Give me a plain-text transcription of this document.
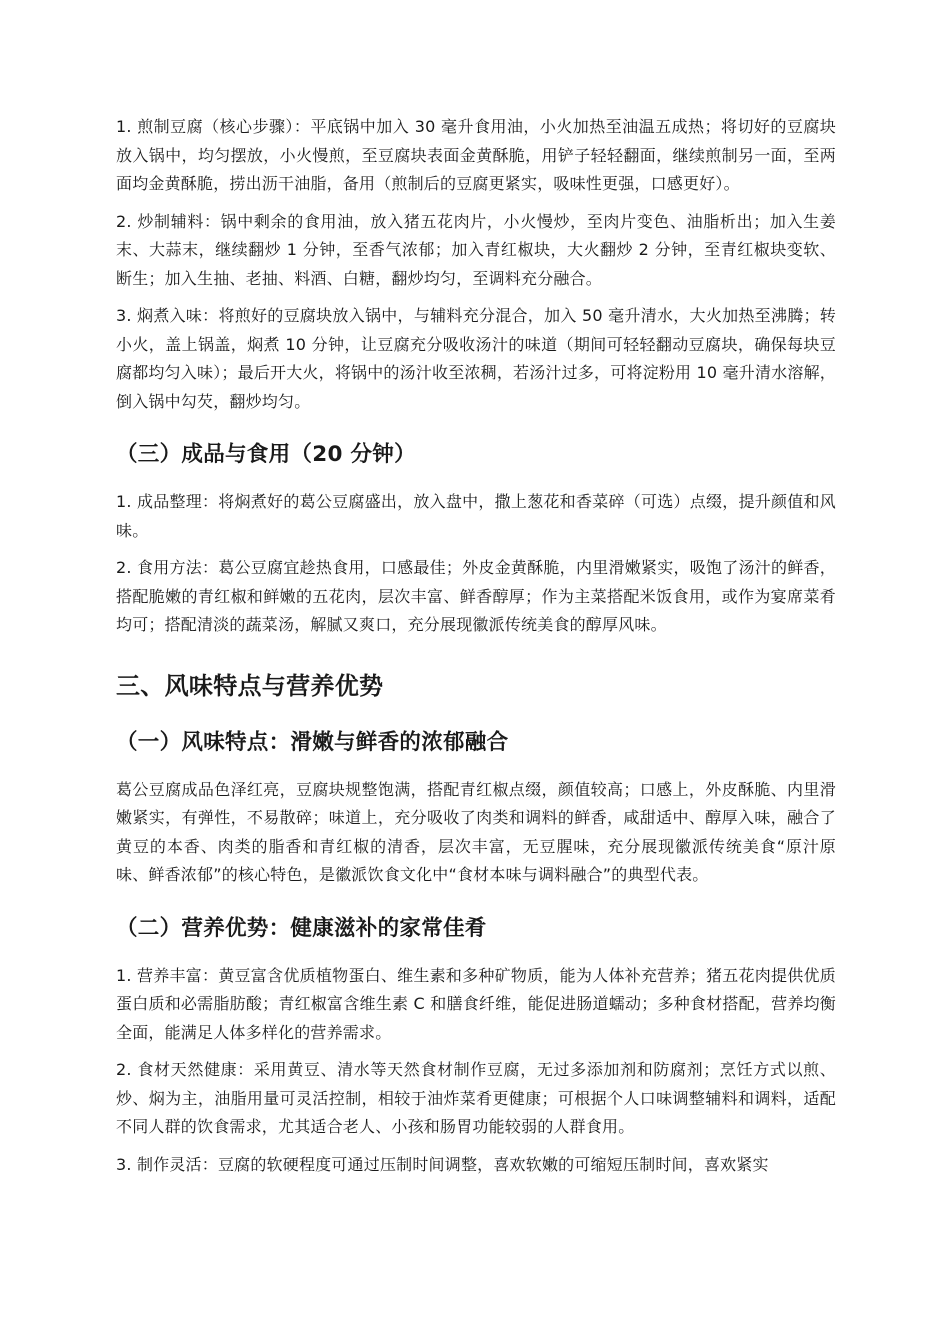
1. 煎制豆腐（核心步骤）：平底锅中加入 30 毫升食用油，小火加热至油温五成热；将切好的豆腐块放入锅中，均匀摆放，小火慢煎，至豆腐块表面金黄酥脆，用铲子轻轻翻面，继续煎制另一面，至两面均金黄酥脆，捞出沥干油脂，备用（煎制后的豆腐更紧实，吸味性更强，口感更好）。

2. 炒制辅料：锅中剩余的食用油，放入猪五花肉片，小火慢炒，至肉片变色、油脂析出；加入生姜末、大蒜末，继续翻炒 1 分钟，至香气浓郁；加入青红椒块，大火翻炒 2 分钟，至青红椒块变软、断生；加入生抽、老抽、料酒、白糖，翻炒均匀，至调料充分融合。

3. 焖煮入味：将煎好的豆腐块放入锅中，与辅料充分混合，加入 50 毫升清水，大火加热至沸腾；转小火，盖上锅盖，焖煮 10 分钟，让豆腐充分吸收汤汁的味道（期间可轻轻翻动豆腐块，确保每块豆腐都均匀入味）；最后开大火，将锅中的汤汁收至浓稠，若汤汁过多，可将淀粉用 10 毫升清水溶解，倒入锅中勾芡，翻炒均匀。

（三）成品与食用（20 分钟）

1. 成品整理：将焖煮好的葛公豆腐盛出，放入盘中，撒上葱花和香菜碎（可选）点缀，提升颜值和风味。

2. 食用方法：葛公豆腐宜趁热食用，口感最佳；外皮金黄酥脆，内里滑嫩紧实，吸饱了汤汁的鲜香，搭配脆嫩的青红椒和鲜嫩的五花肉，层次丰富、鲜香醇厚；作为主菜搭配米饭食用，或作为宴席菜肴均可；搭配清淡的蔬菜汤，解腻又爽口，充分展现徽派传统美食的醇厚风味。

三、风味特点与营养优势
（一）风味特点：滑嫩与鲜香的浓郁融合

葛公豆腐成品色泽红亮，豆腐块规整饱满，搭配青红椒点缀，颜值较高；口感上，外皮酥脆、内里滑嫩紧实，有弹性，不易散碎；味道上，充分吸收了肉类和调料的鲜香，咸甜适中、醇厚入味，融合了黄豆的本香、肉类的脂香和青红椒的清香，层次丰富，无豆腥味，充分展现徽派传统美食“原汁原味、鲜香浓郁”的核心特色，是徽派饮食文化中“食材本味与调料融合”的典型代表。

（二）营养优势：健康滋补的家常佳肴

1. 营养丰富：黄豆富含优质植物蛋白、维生素和多种矿物质，能为人体补充营养；猪五花肉提供优质蛋白质和必需脂肪酸；青红椒富含维生素 C 和膳食纤维，能促进肠道蠕动；多种食材搭配，营养均衡全面，能满足人体多样化的营养需求。

2. 食材天然健康：采用黄豆、清水等天然食材制作豆腐，无过多添加剂和防腐剂；烹饪方式以煎、炒、焖为主，油脂用量可灵活控制，相较于油炸菜肴更健康；可根据个人口味调整辅料和调料，适配不同人群的饮食需求，尤其适合老人、小孩和肠胃功能较弱的人群食用。

3. 制作灵活：豆腐的软硬程度可通过压制时间调整，喜欢软嫩的可缩短压制时间，喜欢紧实
